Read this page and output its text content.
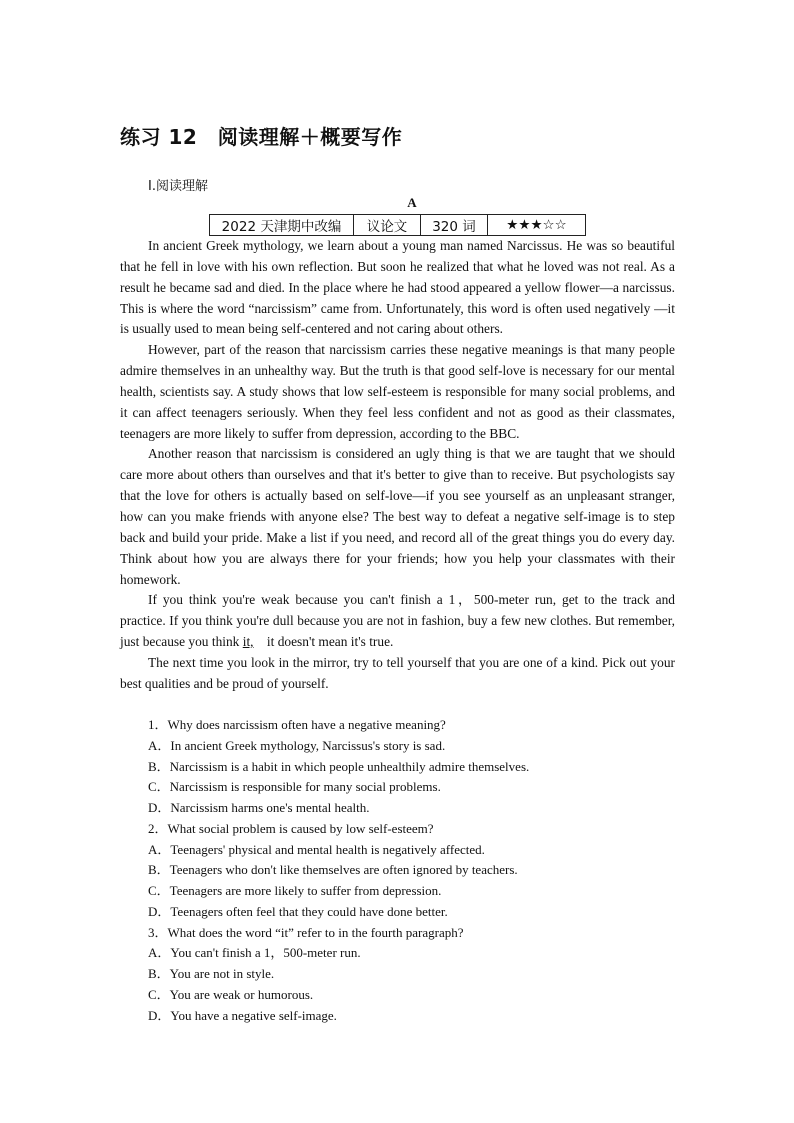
练习 12　阅读理解＋概要写作
Ⅰ.阅读理解
A
2022 天津期中改编	议论文	320 词	★★★☆☆

In ancient Greek mythology, we learn about a young man named Narcissus. He was so beautiful that he fell in love with his own reflection. But soon he realized that what he loved was not real. As a result he became sad and died. In the place where he had stood appeared a yellow flower—a narcissus. This is where the word “narcissism” came from. Unfortunately, this word is often used negatively —it is usually used to mean being self-centered and not caring about others.

However, part of the reason that narcissism carries these negative meanings is that many people admire themselves in an unhealthy way. But the truth is that good self-love is necessary for our mental health, scientists say. A study shows that low self-esteem is responsible for many social problems, and it can affect teenagers seriously. When they feel less confident and not as good as their classmates, teenagers are more likely to suffer from depression, according to the BBC.

Another reason that narcissism is considered an ugly thing is that we are taught that we should care more about others than ourselves and that it's better to give than to receive. But psychologists say that the love for others is actually based on self-love—if you see yourself as an unpleasant stranger, how can you make friends with anyone else? The best way to defeat a negative self-image is to step back and build your pride. Make a list if you need, and record all of the great things you do every day. Think about how you are always there for your friends; how you help your classmates with their homework.

If you think you're weak because you can't finish a 1，500-meter run, get to the track and practice. If you think you're dull because you are not in fashion, buy a few new clothes. But remember, just because you think it,    it doesn't mean it's true.

The next time you look in the mirror, try to tell yourself that you are one of a kind. Pick out your best qualities and be proud of yourself.

1．Why does narcissism often have a negative meaning?
A．In ancient Greek mythology, Narcissus's story is sad.
B．Narcissism is a habit in which people unhealthily admire themselves.
C．Narcissism is responsible for many social problems.
D．Narcissism harms one's mental health.
2．What social problem is caused by low self-esteem?
A．Teenagers' physical and mental health is negatively affected.
B．Teenagers who don't like themselves are often ignored by teachers.
C．Teenagers are more likely to suffer from depression.
D．Teenagers often feel that they could have done better.
3．What does the word “it” refer to in the fourth paragraph?
A．You can't finish a 1，500-meter run.
B．You are not in style.
C．You are weak or humorous.
D．You have a negative self-image.
